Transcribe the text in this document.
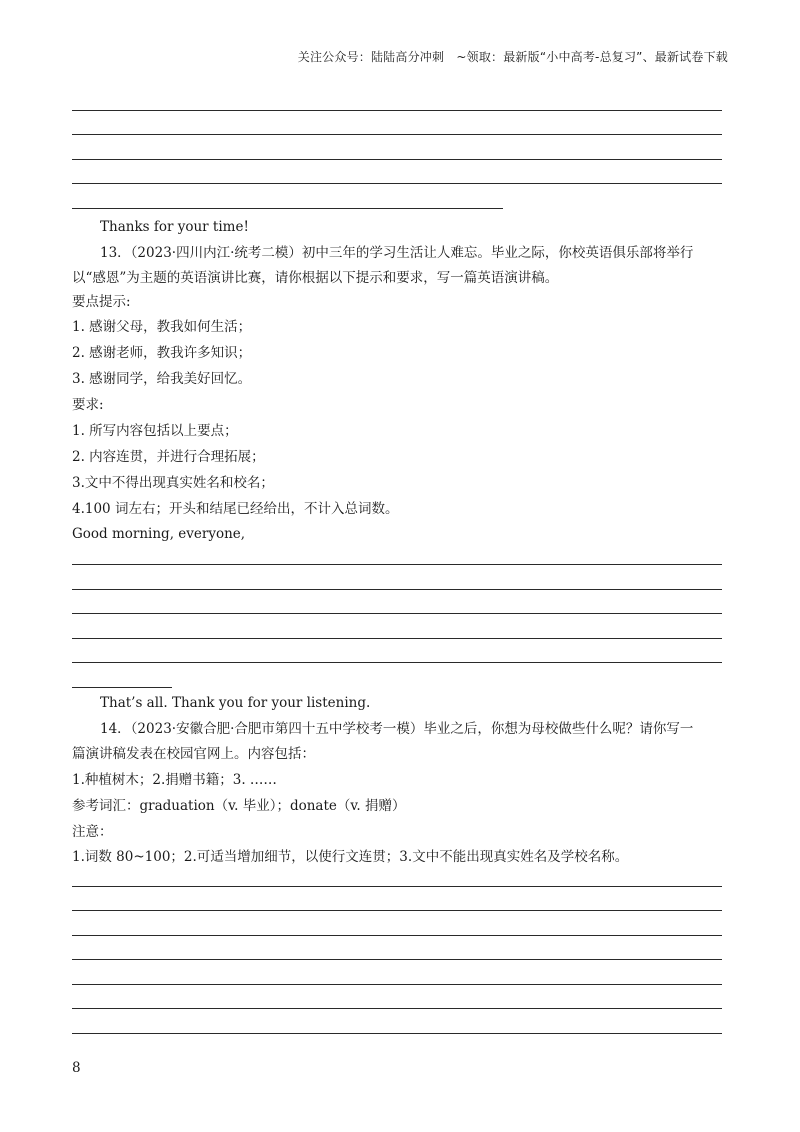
关注公众号：陆陆高分冲刺　~领取：最新版“小中高考-总复习”、最新试卷下载
Thanks for your time!
13．（2023·四川内江·统考二模）初中三年的学习生活让人难忘。毕业之际，你校英语俱乐部将举行
以“感恩”为主题的英语演讲比赛，请你根据以下提示和要求，写一篇英语演讲稿。
要点提示:
1. 感谢父母，教我如何生活；
2. 感谢老师，教我许多知识；
3. 感谢同学，给我美好回忆。
要求:
1. 所写内容包括以上要点；
2. 内容连贯，并进行合理拓展；
3.文中不得出现真实姓名和校名；
4.100 词左右；开头和结尾已经给出，不计入总词数。
Good morning, everyone,
That’s all. Thank you for your listening.
14．（2023·安徽合肥·合肥市第四十五中学校考一模）毕业之后，你想为母校做些什么呢？请你写一
篇演讲稿发表在校园官网上。内容包括：
1.种植树木；2.捐赠书籍；3. ……
参考词汇：graduation（v. 毕业）；donate（v. 捐赠）
注意：
1.词数 80~100；2.可适当增加细节，以使行文连贯；3.文中不能出现真实姓名及学校名称。
8
